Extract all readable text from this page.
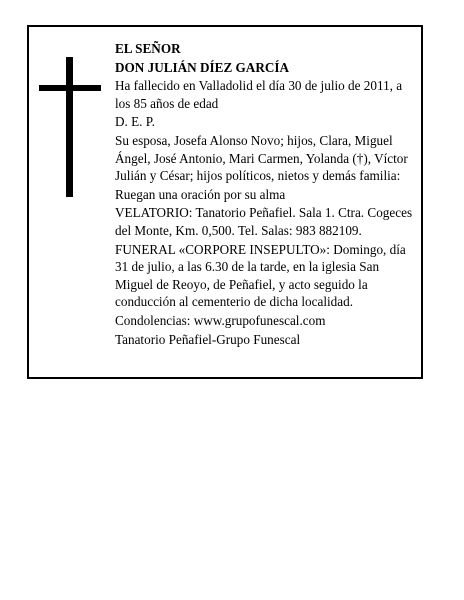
EL SEÑOR

DON JULIÁN DÍEZ GARCÍA

Ha fallecido en Valladolid el día 30 de julio de 2011, a los 85 años de edad

D. E. P.

Su esposa, Josefa Alonso Novo; hijos, Clara, Miguel Ángel, José Antonio, Mari Carmen, Yolanda (†), Víctor Julián y César; hijos políticos, nietos y demás familia:

Ruegan una oración por su alma

VELATORIO: Tanatorio Peñafiel. Sala 1. Ctra. Cogeces del Monte, Km. 0,500. Tel. Salas: 983 882109.

FUNERAL «CORPORE INSEPULTO»: Domingo, día 31 de julio, a las 6.30 de la tarde, en la iglesia San Miguel de Reoyo, de Peñafiel, y acto seguido la conducción al cementerio de dicha localidad.

Condolencias: www.grupofunescal.com

Tanatorio Peñafiel-Grupo Funescal
